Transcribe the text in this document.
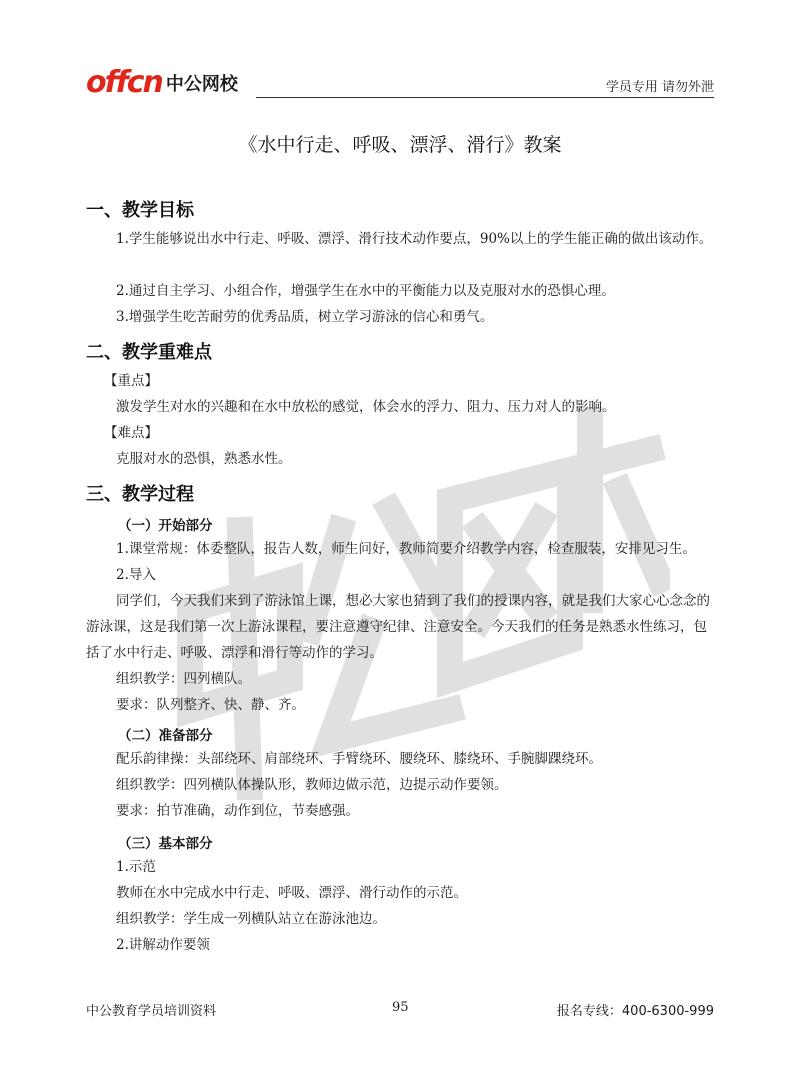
offcn 中公网校	学员专用 请勿外泄
《水中行走、呼吸、漂浮、滑行》教案
一、教学目标
1.学生能够说出水中行走、呼吸、漂浮、滑行技术动作要点，90%以上的学生能正确的做出该动作。
2.通过自主学习、小组合作，增强学生在水中的平衡能力以及克服对水的恐惧心理。
3.增强学生吃苦耐劳的优秀品质，树立学习游泳的信心和勇气。
二、教学重难点
【重点】
激发学生对水的兴趣和在水中放松的感觉，体会水的浮力、阻力、压力对人的影响。
【难点】
克服对水的恐惧，熟悉水性。
三、教学过程
（一）开始部分
1.课堂常规：体委整队，报告人数，师生问好，教师简要介绍教学内容，检查服装，安排见习生。
2.导入
同学们，今天我们来到了游泳馆上课，想必大家也猜到了我们的授课内容，就是我们大家心心念念的游泳课，这是我们第一次上游泳课程，要注意遵守纪律、注意安全。今天我们的任务是熟悉水性练习，包括了水中行走、呼吸、漂浮和滑行等动作的学习。
组织教学：四列横队。
要求：队列整齐、快、静、齐。
（二）准备部分
配乐韵律操：头部绕环、肩部绕环、手臂绕环、腰绕环、膝绕环、手腕脚踝绕环。
组织教学：四列横队体操队形，教师边做示范，边提示动作要领。
要求：拍节准确，动作到位，节奏感强。
（三）基本部分
1.示范
教师在水中完成水中行走、呼吸、漂浮、滑行动作的示范。
组织教学：学生成一列横队站立在游泳池边。
2.讲解动作要领
中公教育学员培训资料	95	报名专线：400-6300-999
